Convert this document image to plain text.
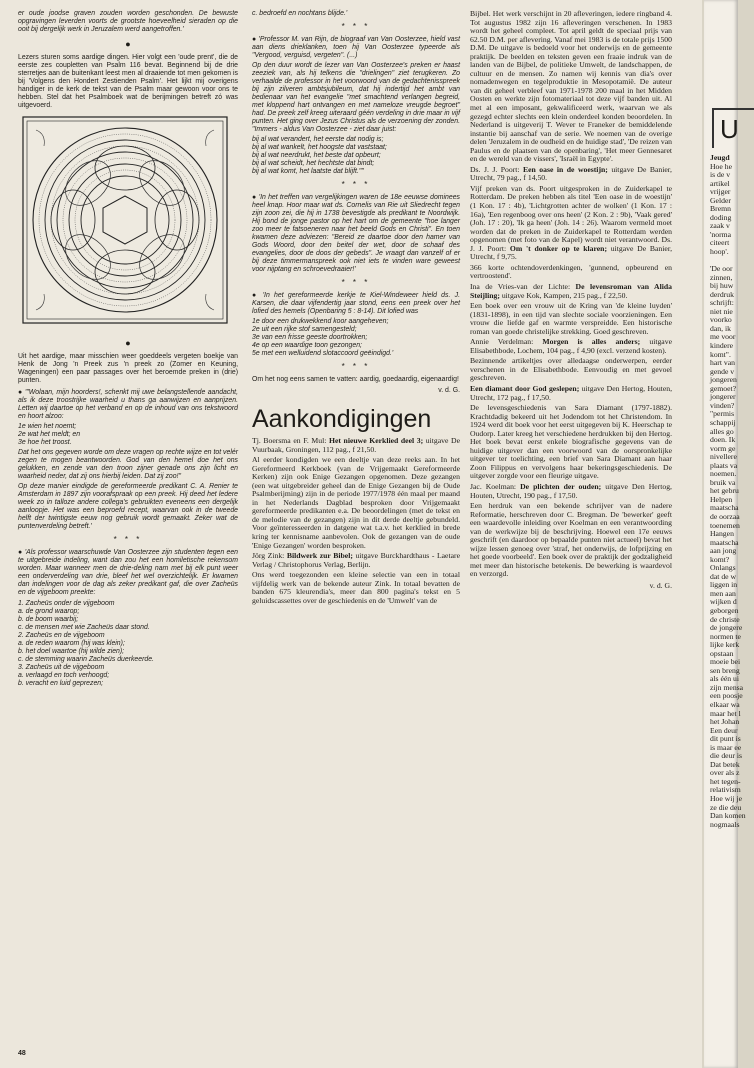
er oude joodse graven zouden worden geschonden. De bewuste opgravingen leverden voorts de grootste hoeveelheid sieraden op die ooit bij dergelijk werk in Jeruzalem werd aangetroffen.'

●

Lezers sturen soms aardige dingen. Hier volgt een 'oude prent', die de eerste zes coupletten van Psalm 116 bevat. Beginnend bij de drie sterretjes aan de buitenkant leest men al draaiende tot men gekomen is bij 'Volgens den Hondert Zestienden Psalm'. Het lijkt mij overigens handiger in de kerk de tekst van de Psalm maar gewoon voor ons te hebben. Stel dat het Psalmboek wat de berijmingen betreft zó was uitgevoerd.

●

Uit het aardige, maar misschien weer goeddeels vergeten boekje van Henk de Jong 'n Preek zus 'n preek zo (Zomer en Keuning, Wageningen) een paar passages over het beroemde preken in (drie) punten.

● '"Wolaan, mijn hoorders!, schenkt mij uwe belangstellende aandacht, als ik deze troostrijke waarheid u thans ga aanwijzen en aanprijzen. Letten wij daartoe op het verband en op de inhoud van ons tekstwoord en hoort alzoo:

1e wien het noemt;
2e wat het meldt; en
3e hoe het troost.

Dat het ons gegeven worde om deze vragen op rechte wijze en tot velér zegen te mogen beantwoorden. God van den hemel doe het ons gelukken, en zende van den troon zijner genade ons zijn licht en waarheid neder, dat zij ons hierbij leiden. Dat zij zoo!"

Op deze manier eindigde de gereformeerde predikant C. A. Renier te Amsterdam in 1897 zijn voorafspraak op een preek. Hij deed het ledere week zo in talloze andere collega's gebruikten eveneens een dergelijk aanloopje. Het was een beproefd recept, waarvan ook in de tweede helft der twintigste eeuw nog gebruik wordt gemaakt. Zeker wat de puntenverdeling betreft.'

* * *

● 'Als professor waarschuwde Van Oosterzee zijn studenten tegen een te uitgebreide indeling, want dan zou het een homiletische rekensom worden. Maar wanneer men de drie-deling nam met bij elk punt weer een onderverdeling van drie, bleef het wel overzichtelijk. Er kwamen dan indelingen voor de dag als zeker predikant gaf, die over Zacheüs en de vijgeboom preekte:

1. Zacheüs onder de vijgeboom
a. de grond waarop;
b. de boom waarbij;
c. de mensen met wie Zacheüs daar stond.
2. Zacheüs en de vijgeboom
a. de reden waarom (hij was klein);
b. het doel waartoe (hij wilde zien);
c. de stemming waarin Zacheüs duerkeerde.
3. Zacheüs uit de vijgeboom
a. verlaagd en toch verhoogd;
b. veracht en luid geprezen;
c. bedroefd en nochtans blijde.'
* * *

● 'Professor M. van Rijn, de biograaf van Van Oosterzee, hield vast aan diens drieklanken, toen hij Van Oosterzee typeerde als "Vergood, verguisd, vergeten". (...)

Op den duur wordt de lezer van Van Oosterzee's preken er haast zeeziek van, als hij telkens die "drielingen" ziet terugkeren. Zo verhaalde de professor in het voorwoord van de gedachtenisspreek bij zijn zilveren ambtsjubileum, dat hij indertijd het ambt van bedienaar van het evangelie "met smachtend verlangen begreid, met kloppend hart ontvangen en met nameloze vreugde begroet" had. De preek zelf kreeg uiteraard géén verdeling in drie maar in vijf punten. Het ging over Jezus Christus als de verzoening der zonden. "Immers - aldus Van Oosterzee - ziet daar juist:

bij al wat verandert, het eerste dat nodig is;
bij al wat wankelt, het hoogste dat vaststaat;
bij al wat neerdrukt, het beste dat opbeurt;
bij al wat scheidt, het hechtste dat bindt;
bij al wat komt, het laatste dat blijft.""
* * *

● 'In het treffen van vergelijkingen waren de 18e eeuwse dominees heel knap. Hoor maar wat ds. Cornelis van Rie uit Sliedrecht tegen zijn zoon zei, die hij in 1738 bevestigde als predikant te Noordwijk. Hij bond de jonge pastor op het hart om de gemeente "hoe langer zoo meer te fatsoeneren naar het beeld Gods en Christi". En toen kwamen deze adviezen: "Bereid ze daartoe door den hamer van Gods Woord, door den beitel der wet, door de schaaf des evangelies, door de doos der gebeds". Je vraagt dan vanzelf of er bij deze timmermanspreek ook niet iets te vinden ware geweest voor nijptang en schroevedraaier!'

* * *

● 'In het gereformeerde kerkje te Kiel-Windeweer hield ds. J. Karsen, die daar vijfendertig jaar stond, eens een preek over het lofied des hemels (Openbaring 5 : 8-14). Dit lofied was

1e door een drukwekkend koor aangeheven;
2e uit een rijke stof samengesteld;
3e van een frisse geeste doortrokken;
4e op een waardige toon gezongen;
5e met een welluidend slotaccoord geëindigd.'
* * *

Om het nog eens samen te vatten: aardig, goedaardig, eigenaardig!

v. d. G.
Aankondigingen

Tj. Boersma en F. Mul: Het nieuwe Kerklied deel 3; uitgave De Vuurbaak, Groningen, 112 pag., f 21,50.

Al eerder kondigden we een deeltje van deze reeks aan. In het Gereformeerd Kerkboek (van de Vrijgemaakt Gereformeerde Kerken) zijn ook Enige Gezangen opgenomen. Deze gezangen (een wat uitgebreider geheel dan de Enige Gezangen bij de Oude Psalmberijming) zijn in de periode 1977/1978 één maal per maand in het Nederlands Dagblad besproken door Vrijgemaakt gereformeerde predikanten e.a. De beoordelingen (met de tekst en de melodie van de gezangen) zijn in dit derde deeltje gebundeld. Voor geïnteresseerden in datgene wat t.a.v. het kerklied in brede kring ter kennisname aanbevolen. Ook de gezangen van de oude 'Enige Gezangen' worden besproken.

Jörg Zink: Bildwerk zur Bibel; uitgave Burckhardthaus - Laetare Verlag / Christophorus Verlag, Berlijn.

Ons werd toegezonden een kleine selectie van een in totaal vijfdelig werk van de bekende auteur Zink. In totaal bevatten de banden 675 kleurendia's, meer dan 800 pagina's tekst en 5 geluidscassettes over de geschiedenis en de 'Umwelt' van de

Bijbel. Het werk verschijnt in 20 afleveringen, iedere ringband 4. Tot augustus 1982 zijn 16 afleveringen verschenen. In 1983 wordt het geheel compleet. Tot april geldt de speciaal prijs van 62.50 D.M. per aflevering. Vanaf mei 1983 is de totale prijs 1500 D.M. De uitgave is bedoeld voor het onderwijs en de gemeente praktijk. De beelden en teksten geven een fraaie indruk van de landen van de Bijbel, de politieke Umwelt, de landschappen, de cultuur en de mensen. Zo namen wij kennis van dia's over nomadenwegen en tegelproduktie in Mesopotamië. De auteur van dit geheel verbleef van 1971-1978 200 maal in het Midden Oosten en werkte zijn fotomateriaal tot deze vijf banden uit. Al met al een imposant, gekwalificeerd werk, waarvan we als gezegd echter slechts een klein onderdeel konden beoordelen. In Nederland is uitgeverij T. Wever te Franeker de bemiddelende instantie bij aanschaf van de serie. We noemen van de overige delen 'Jeruzalem in de oudheid en de huidige stad', 'De reizen van Paulus en de plaatsen van de openbaring', 'Het meer Gennesaret en de wereld van de vissers', 'Israël in Egypte'.

Ds. J. J. Poort: Een oase in de woestijn; uitgave De Banier, Utrecht, 79 pag., f 14,50.

Vijf preken van ds. Poort uitgesproken in de Zuiderkapel te Rotterdam. De preken hebben als titel 'Een oase in de woestijn' (1 Kon. 17 : 4b), 'Lichtgrotten achter de wolken' (1 Kon. 17 : 16a), 'Een regenboog over ons heen' (2 Kon. 2 : 9b), 'Vaak gered' (Joh. 17 : 20), 'Ik ga heen' (Joh. 14 : 26). Waarom vermeld moet worden dat de preken in de Zuiderkapel te Rotterdam werden opgenomen (met foto van de Kapel) wordt niet verantwoord. Ds. J. J. Poort: Om 't donker op te klaren; uitgave De Banier, Utrecht, f 9,75.

366 korte ochtendoverdenkingen, 'gunnend, opbeurend en vertroostend'.

Ina de Vries-van der Lichte: De levensroman van Alida Steijling; uitgave Kok, Kampen, 215 pag., f 22,50.

Een boek over een vrouw uit de Kring van 'de kleine luyden' (1831-1898), in een tijd van slechte sociale voorzieningen. Een vrouw die liefde gaf en warmte verspreidde. Een historische roman van goede christelijke strekking. Goed geschreven.

Annie Verdelman: Morgen is alles anders; uitgave Elisabethbode, Lochem, 104 pag., f 4,90 (excl. verzend kosten).

Bezinnende artikeltjes over alledaagse onderwerpen, eerder verschenen in de Elisabethbode. Eenvoudig en met gevoel geschreven.

Een diamant door God geslepen; uitgave Den Hertog, Houten, Utrecht, 172 pag., f 17,50.

De levensgeschiedenis van Sara Diamant (1797-1882). Krachtdadig bekeerd uit het Jodendom tot het Christendom. In 1924 werd dit boek voor het eerst uitgegeven bij K. Heerschap te Oudorp. Later kreeg het verschiedene herdrukken bij den Hertog. Het boek bevat eerst enkele biografische gegevens van de huidige uitgever dan een voorwoord van de oorspronkelijke uitgever ter toelichting, een brief van Sara Diamant aan haar Zoon Filippus en vervolgens haar bekeringsgeschiedenis. De uitgever zorgde voor een fleurige uitgave.

Jac. Koelman: De plichten der ouden; uitgave Den Hertog, Houten, Utrecht, 190 pag., f 17,50.

Een herdruk van een bekende schrijver van de nadere Reformatie, herschreven door C. Bregman. De 'bewerker' geeft een waardevolle inleiding over Koelman en een verantwoording van de werkwijze bij de beschrijving. Hoewel een 17e eeuws geschrift (en daardoor op bepaalde punten niet actueel) bevat het wijze lessen genoeg over 'straf, het onderwijs, de lofprijzing en het goede voorbeeld'. Een boek over de praktijk der godzaligheid met meer dan historische betekenis. De bewerking is waardevol en verzorgd.

v. d. G.
48
U
Jeugd
Hoe he
is de v
artikel
vrijger
Gelder
Bremn
doding
zaak v
'norma
citeert
hoop'.
'De oor
zinnen,
bij huw
derdruk
schrijft:
niet nie
voorko
dan, ik
me voor
kindere
komt".
hart van
gende v
jongeren
gemoet?
jongerer
vinden?
"permis
schappij
alles go
doen. Ik
vorm ge
nivellere
plaats va
noemen.
bruik va
het gebru
Helpen
maatscha
de oorzaa
toenemen
Hangen
maatscha
aan jong
komt?
Onlangs
dat de w
liggen in
men aan
wijken d
geborgen
de christe
de jongere
normen te
lijke kerk
opstaan
moeie bei
sen breng
als één ui
zijn mensa
een poosje
elkaar wa
maar het l
het Johan
Een deur
dit punt is
is maar ee
die deur is
Dat betek
over als z
het tegen-
relativism
Hoe wij je
ze die deu
Dan komen
nogmaals
